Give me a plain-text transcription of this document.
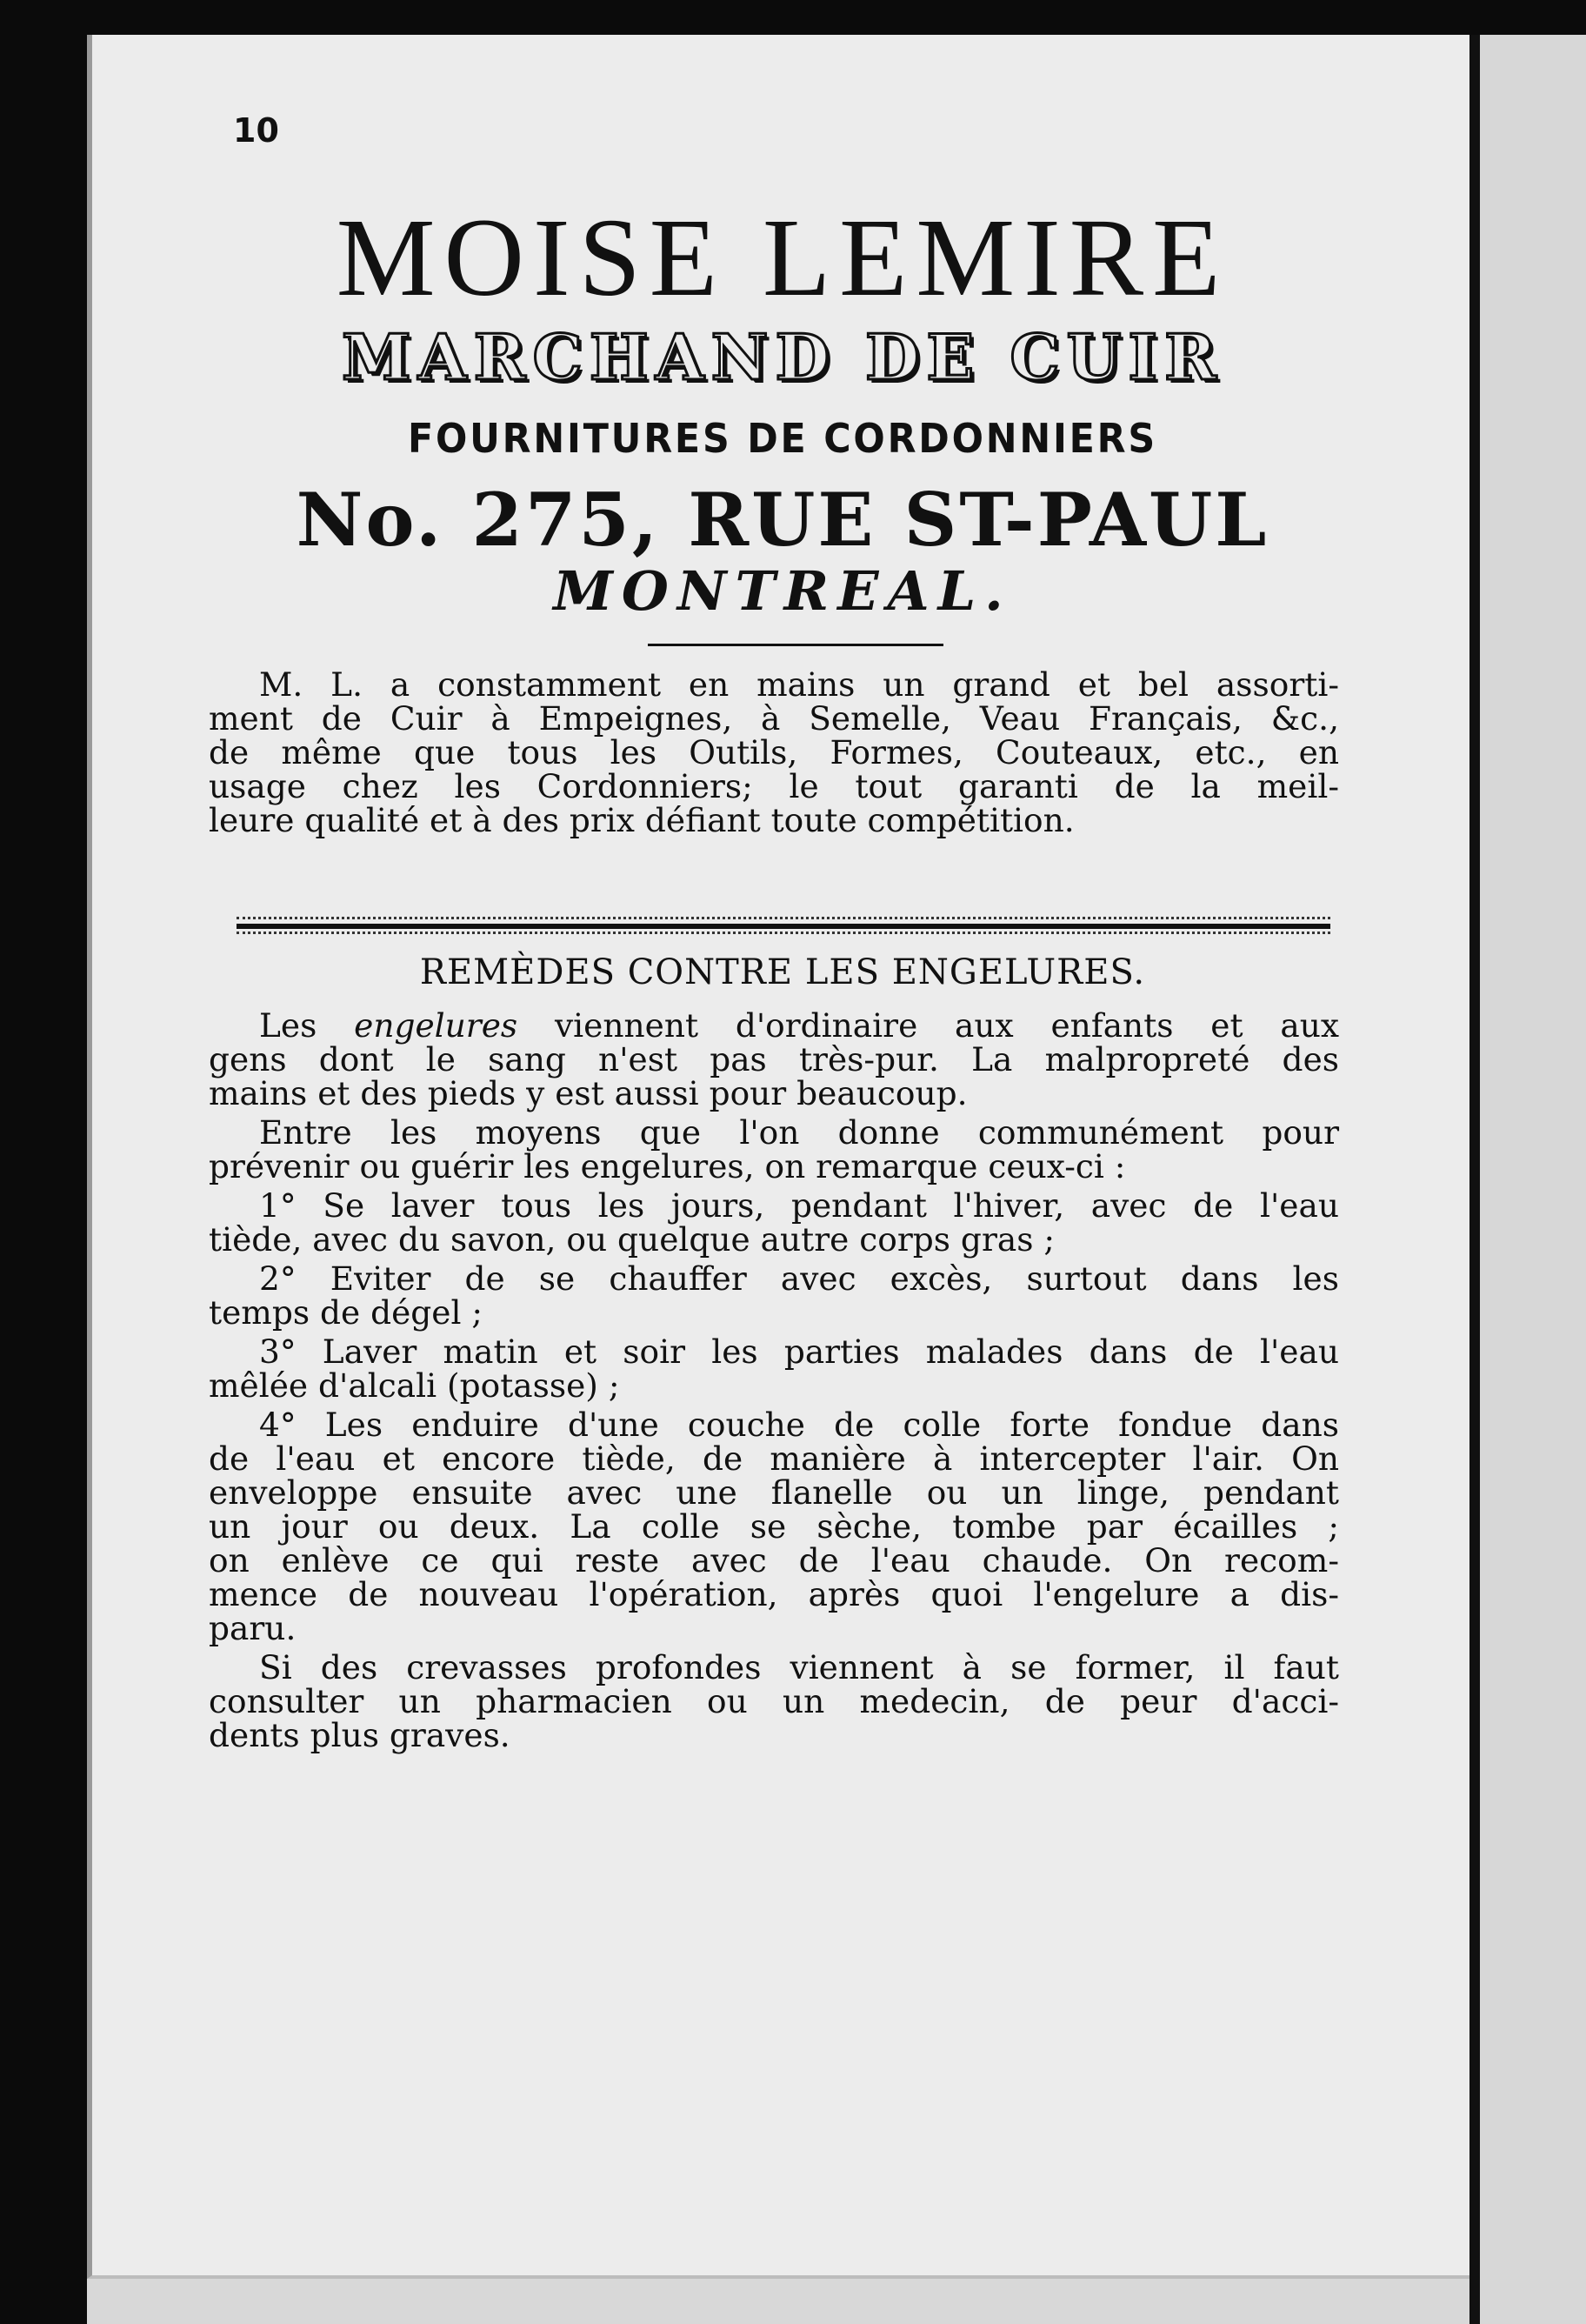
10
MOISE LEMIRE
MARCHAND DE CUIR
FOURNITURES DE CORDONNIERS
No. 275, RUE ST-PAUL
MONTREAL.
M. L. a constamment en mains un grand et bel assorti-
ment de Cuir à Empeignes, à Semelle, Veau Français, &c.,
de même que tous les Outils, Formes, Couteaux, etc., en
usage chez les Cordonniers; le tout garanti de la meil-
leure qualité et à des prix défiant toute compétition.
REMÈDES CONTRE LES ENGELURES.
Les engelures viennent d'ordinaire aux enfants et aux
gens dont le sang n'est pas très-pur. La malpropreté des
mains et des pieds y est aussi pour beaucoup.
Entre les moyens que l'on donne communément pour
prévenir ou guérir les engelures, on remarque ceux-ci :
1° Se laver tous les jours, pendant l'hiver, avec de l'eau
tiède, avec du savon, ou quelque autre corps gras ;
2° Eviter de se chauffer avec excès, surtout dans les
temps de dégel ;
3° Laver matin et soir les parties malades dans de l'eau
mêlée d'alcali (potasse) ;
4° Les enduire d'une couche de colle forte fondue dans
de l'eau et encore tiède, de manière à intercepter l'air. On
enveloppe ensuite avec une flanelle ou un linge, pendant
un jour ou deux. La colle se sèche, tombe par écailles ;
on enlève ce qui reste avec de l'eau chaude. On recom-
mence de nouveau l'opération, après quoi l'engelure a dis-
paru.
Si des crevasses profondes viennent à se former, il faut
consulter un pharmacien ou un medecin, de peur d'acci-
dents plus graves.
